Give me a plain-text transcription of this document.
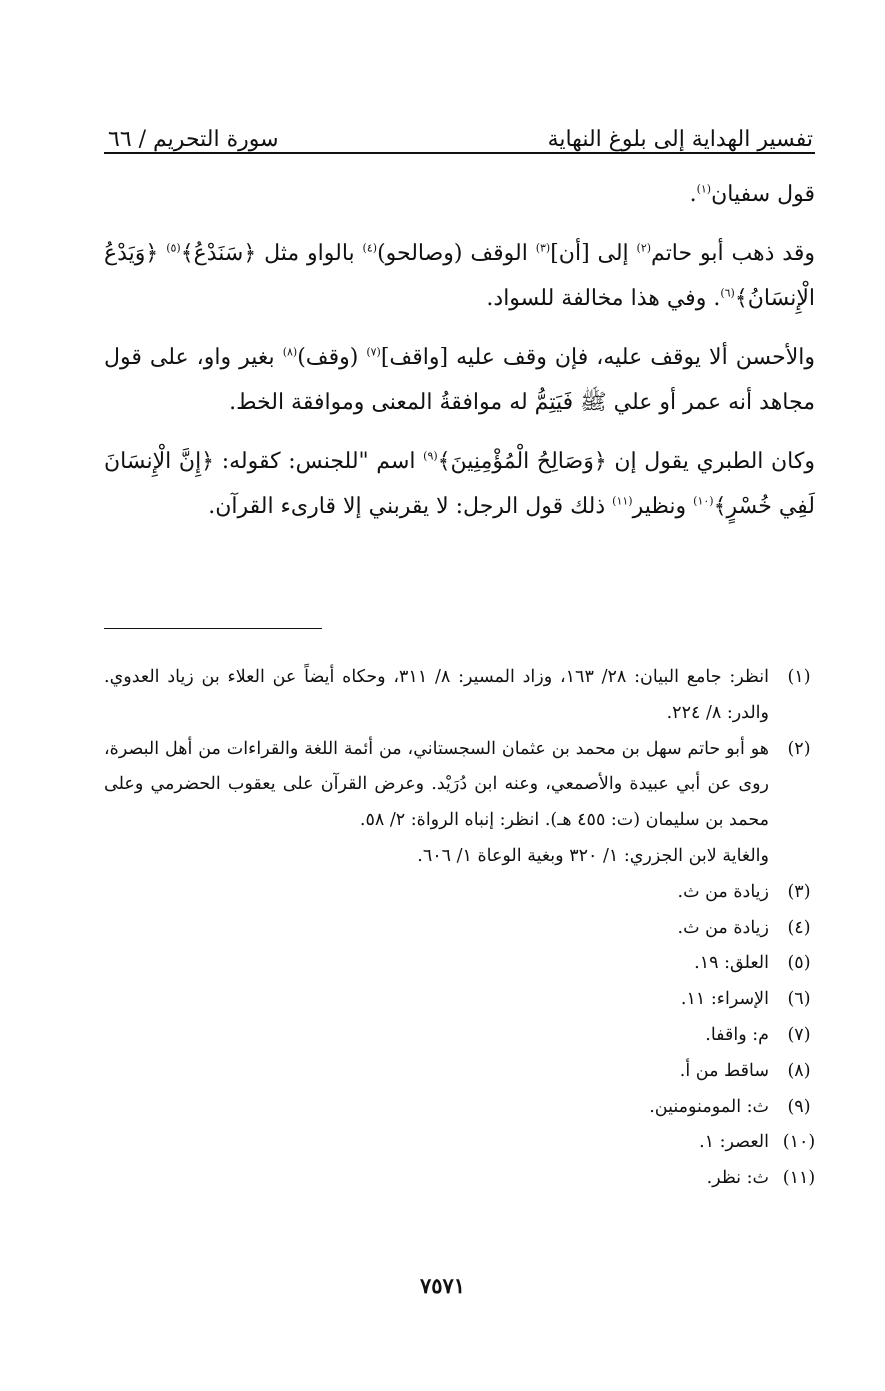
تفسير الهداية إلى بلوغ النهاية
سورة التحريم / ٦٦

قول سفيان$^{(١)}$.

وقد ذهب أبو حاتم$^{(٢)}$ إلى [أن]$^{(٣)}$ الوقف (وصالحو)$^{(٤)}$ بالواو مثل ﴿سَنَدْعُ﴾$^{(٥)}$ ﴿وَيَدْعُ الْإِنسَانُ﴾$^{(٦)}$. وفي هذا مخالفة للسواد.

والأحسن ألا يوقف عليه، فإن وقف عليه [واقف]$^{(٧)}$ (وقف)$^{(٨)}$ بغير واو، على قول مجاهد أنه عمر أو علي ﷺ فَيَتِمُّ له موافقةُ المعنى وموافقة الخط.

وكان الطبري يقول إن ﴿وَصَالِحُ الْمُؤْمِنِينَ﴾$^{(٩)}$ اسم "للجنس: كقوله: ﴿إِنَّ الْإِنسَانَ لَفِي خُسْرٍ﴾$^{(١٠)}$ ونظير$^{(١١)}$ ذلك قول الرجل: لا يقربني إلا قارىء القرآن.

(١)
انظر: جامع البيان: ٢٨/ ١٦٣، وزاد المسير: ٨/ ٣١١، وحكاه أيضاً عن العلاء بن زياد العدوي. والدر: ٨/ ٢٢٤.
(٢)
هو أبو حاتم سهل بن محمد بن عثمان السجستاني، من أئمة اللغة والقراءات من أهل البصرة، روى عن أبي عبيدة والأصمعي، وعنه ابن دُرَيْد. وعرض القرآن على يعقوب الحضرمي وعلى محمد بن سليمان (ت: ٤٥٥ هـ). انظر: إنباه الرواة: ٢/ ٥٨.
والغاية لابن الجزري: ١/ ٣٢٠ وبغية الوعاة ١/ ٦٠٦.
(٣)
زيادة من ث.
(٤)
زيادة من ث.
(٥)
العلق: ١٩.
(٦)
الإسراء: ١١.
(٧)
م: واقفا.
(٨)
ساقط من أ.
(٩)
ث: المومنومنين.
(١٠)
العصر: ١.
(١١)
ث: نظر.
٧٥٧١
